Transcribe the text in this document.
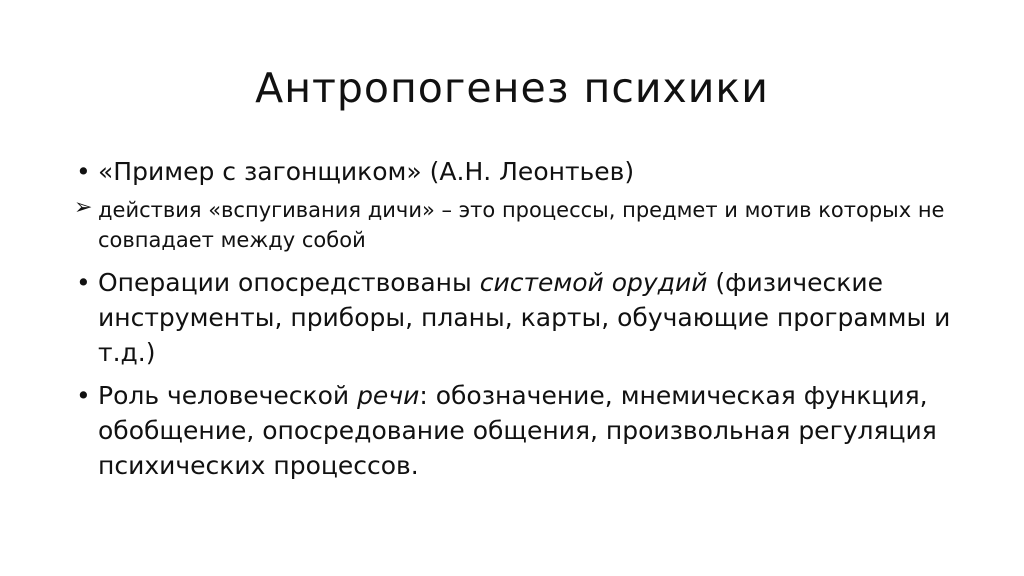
Антропогенез психики
• «Пример с загонщиком» (А.Н. Леонтьев)
➢ действия «вспугивания дичи» – это процессы, предмет и мотив которых не совпадает между собой
• Операции опосредствованы системой орудий (физические инструменты, приборы, планы, карты, обучающие программы и т.д.)
• Роль человеческой речи: обозначение, мнемическая функция, обобщение, опосредование общения, произвольная регуляция психических процессов.
